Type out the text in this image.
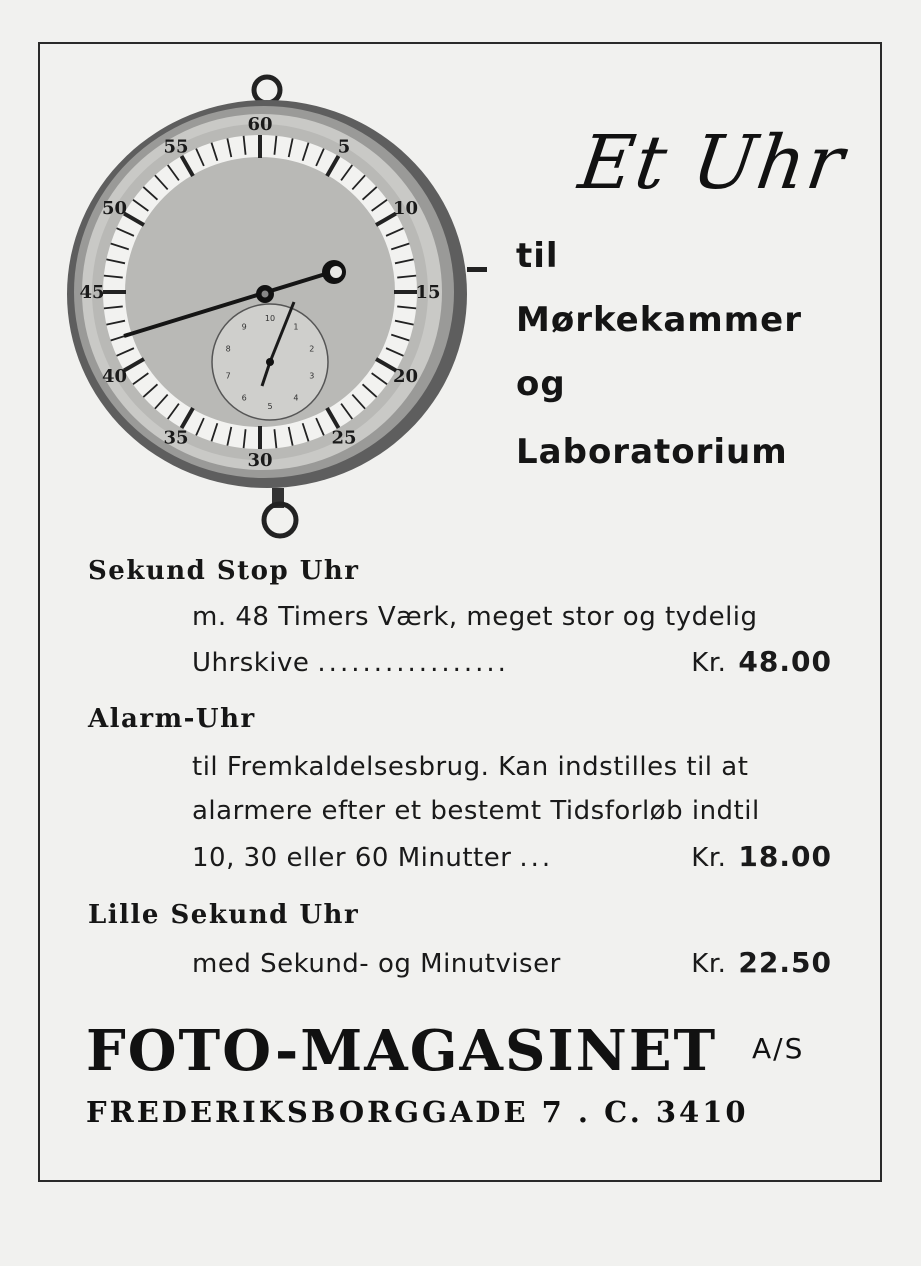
60
5
10
15
20
25
30
35
40
45
50
55
10
1
2
3
4
5
6
7
8
9
Et Uhr
til
Mørkekammer
og
Laboratorium
Sekund Stop Uhr
m. 48 Timers Værk, meget stor og tydelig
Uhrskive .................	Kr. 48.00
Alarm-Uhr
til Fremkaldelsesbrug. Kan indstilles til at
alarmere efter et bestemt Tidsforløb indtil
10, 30 eller 60 Minutter ...	Kr. 18.00
Lille Sekund Uhr
med Sekund- og Minutviser	Kr. 22.50
FOTO-MAGASINET A/S
FREDERIKSBORGGADE 7 . C. 3410
